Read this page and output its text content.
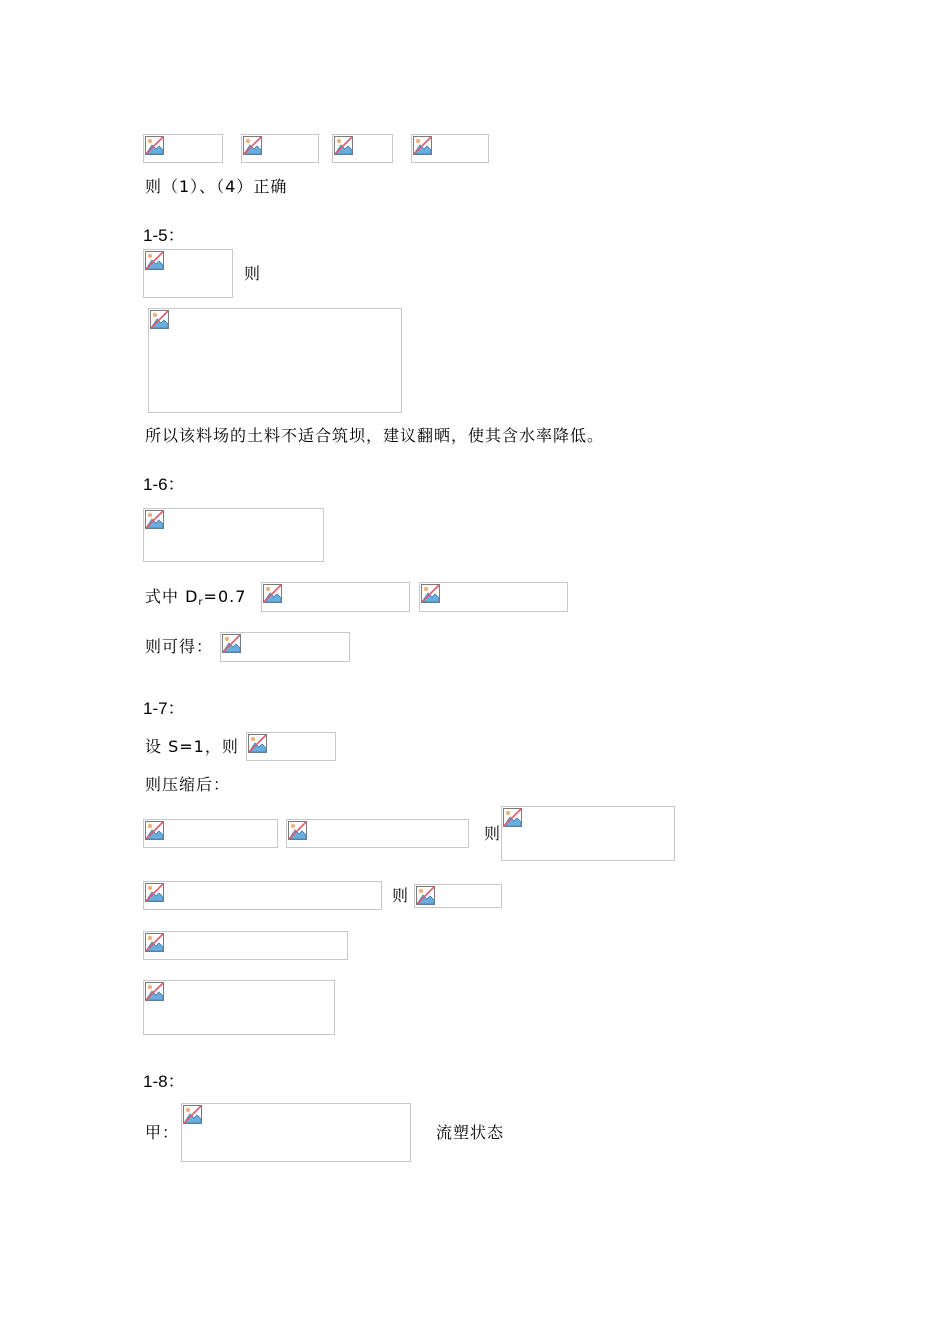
则（1）、（4）正确
1-5：
则
所以该料场的土料不适合筑坝，建议翻晒，使其含水率降低。
1-6：
式中 $D_r=0.7$
则可得：
1-7：
设 S=1，则
则压缩后：
则
则
1-8：
甲：	流塑状态
